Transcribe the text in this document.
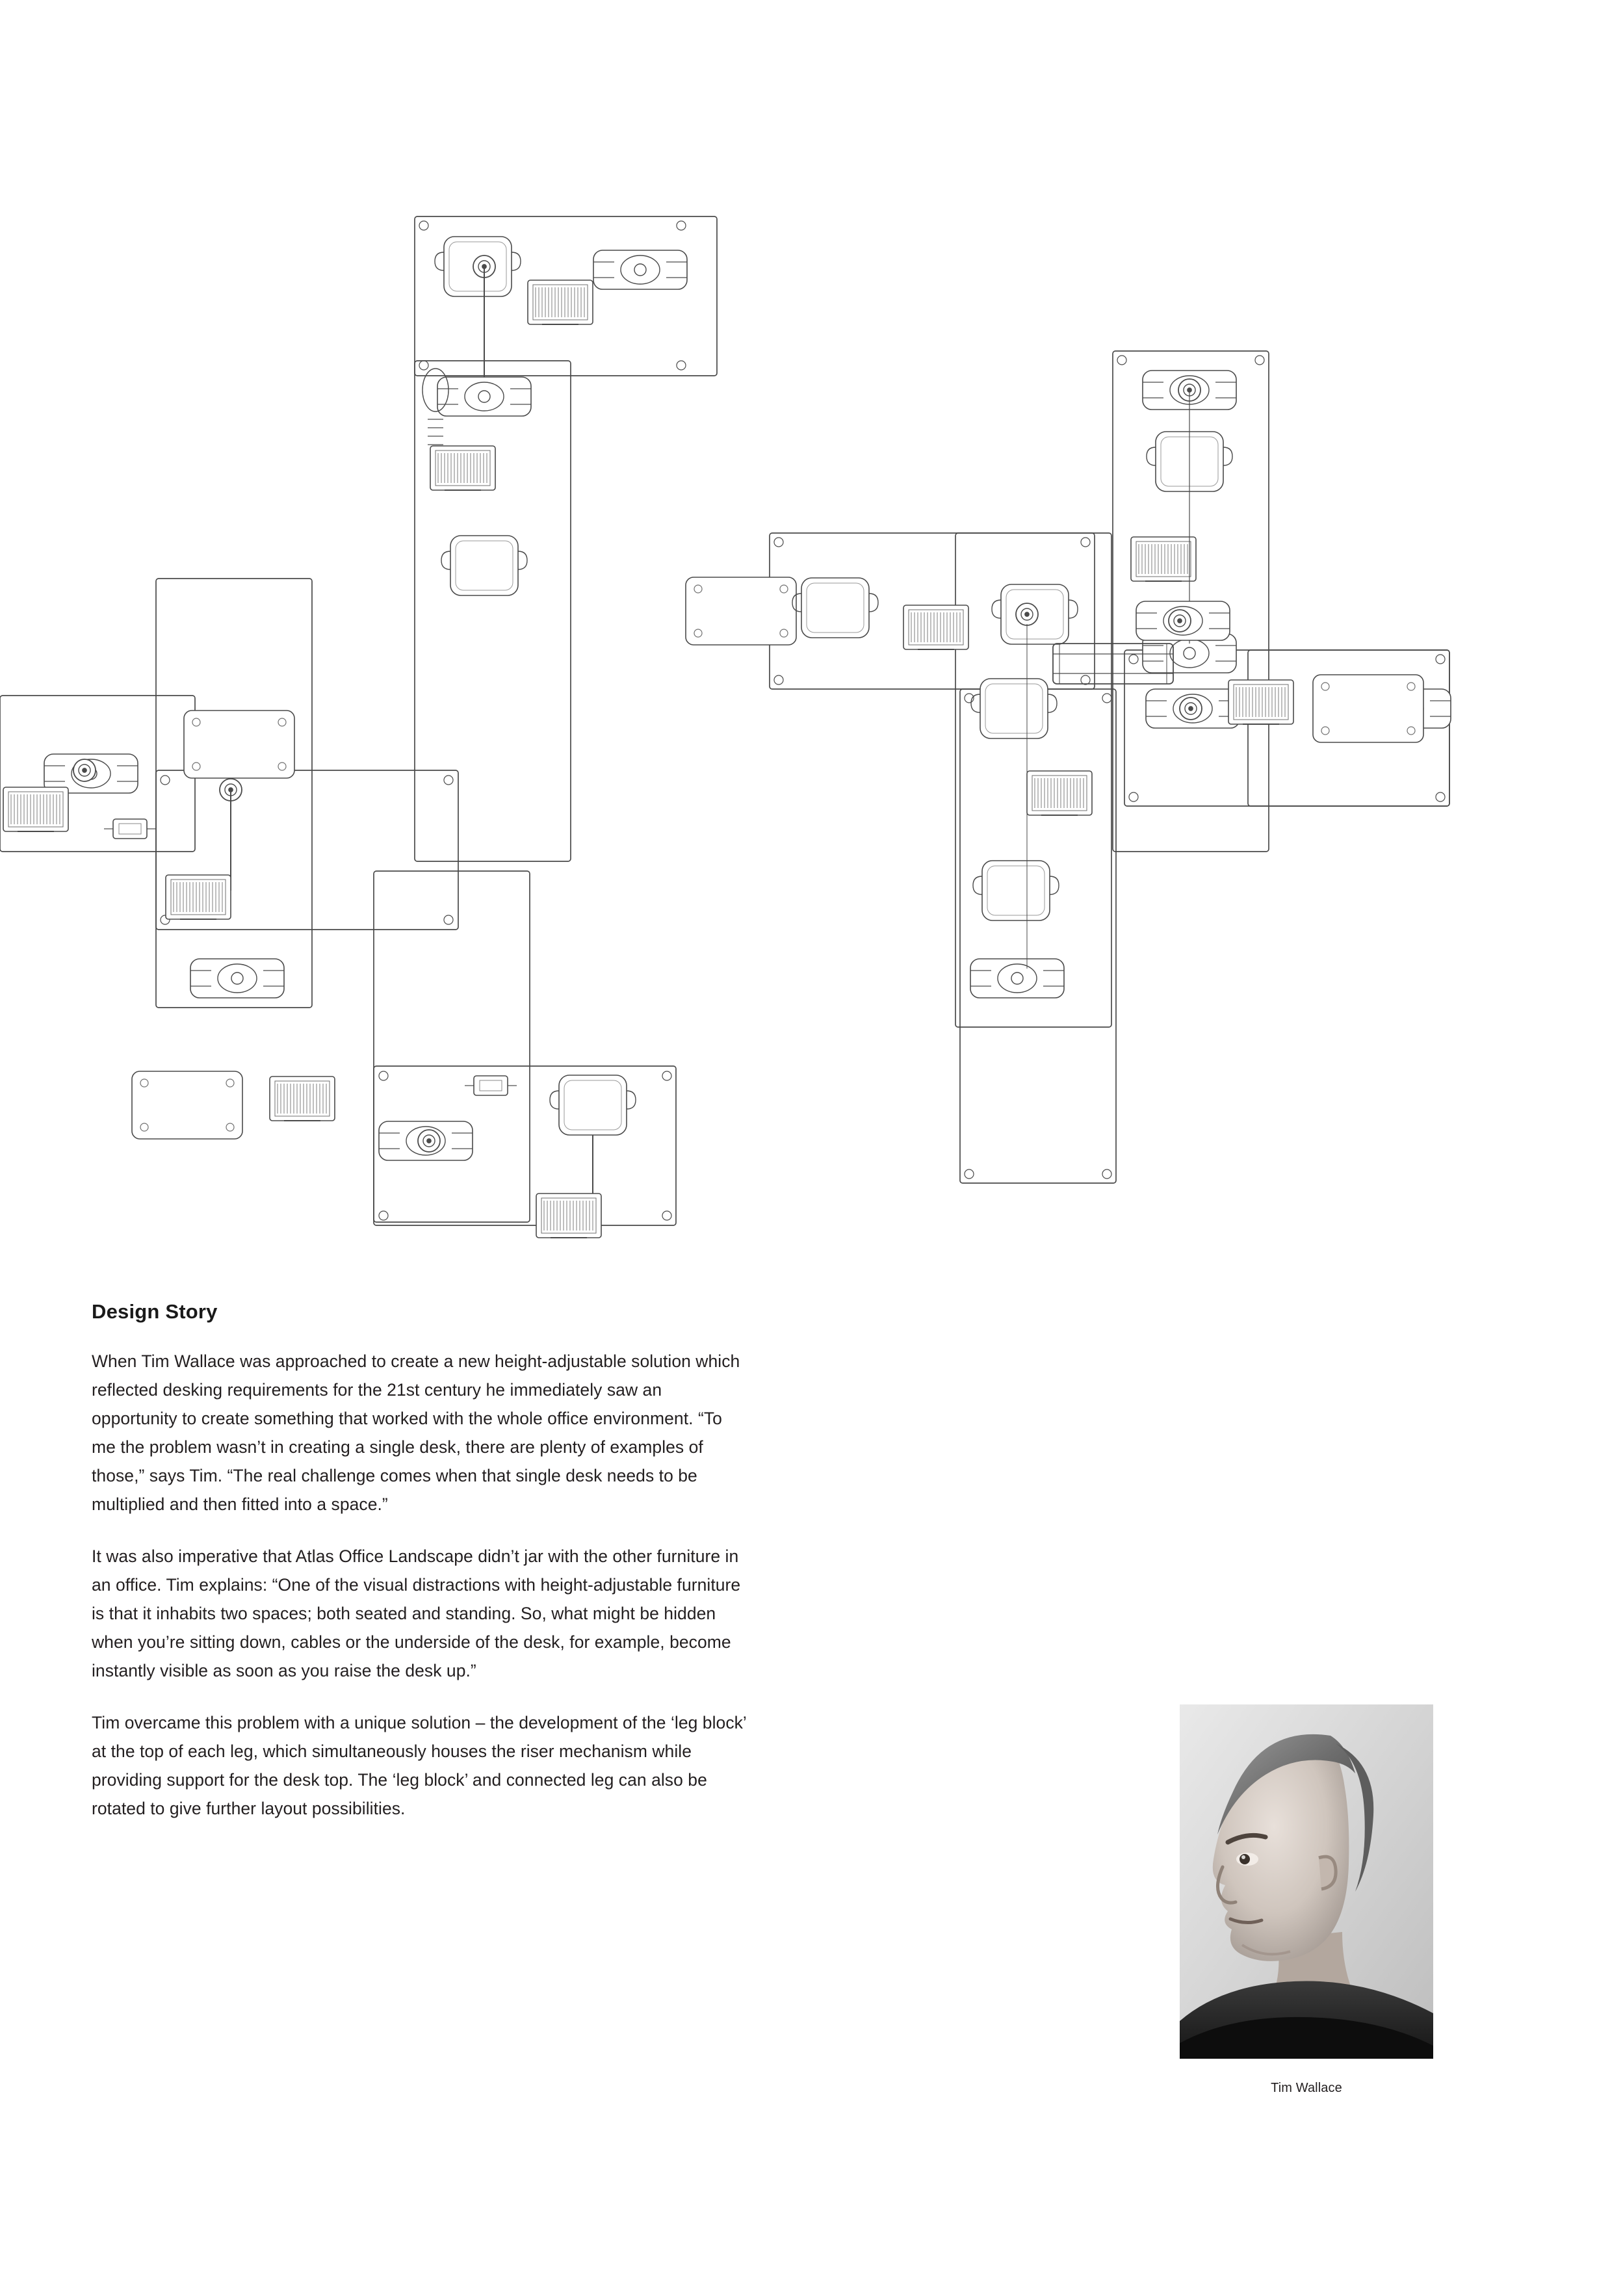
Design Story

When Tim Wallace was approached to create a new height-adjustable solution which reflected desking requirements for the 21st century he immediately saw an opportunity to create something that worked with the whole office environment. “To me the problem wasn’t in creating a single desk, there are plenty of examples of those,” says Tim. “The real challenge comes when that single desk needs to be multiplied and then fitted into a space.”

It was also imperative that Atlas Office Landscape didn’t jar with the other furniture in an office. Tim explains: “One of the visual distractions with height-adjustable furniture is that it inhabits two spaces; both seated and standing. So, what might be hidden when you’re sitting down, cables or the underside of the desk, for example, become instantly visible as soon as you raise the desk up.”

Tim overcame this problem with a unique solution – the development of the ‘leg block’ at the top of each leg, which simultaneously houses the riser mechanism while providing support for the desk top. The ‘leg block’ and connected leg can also be rotated to give further layout possibilities.

Tim Wallace
